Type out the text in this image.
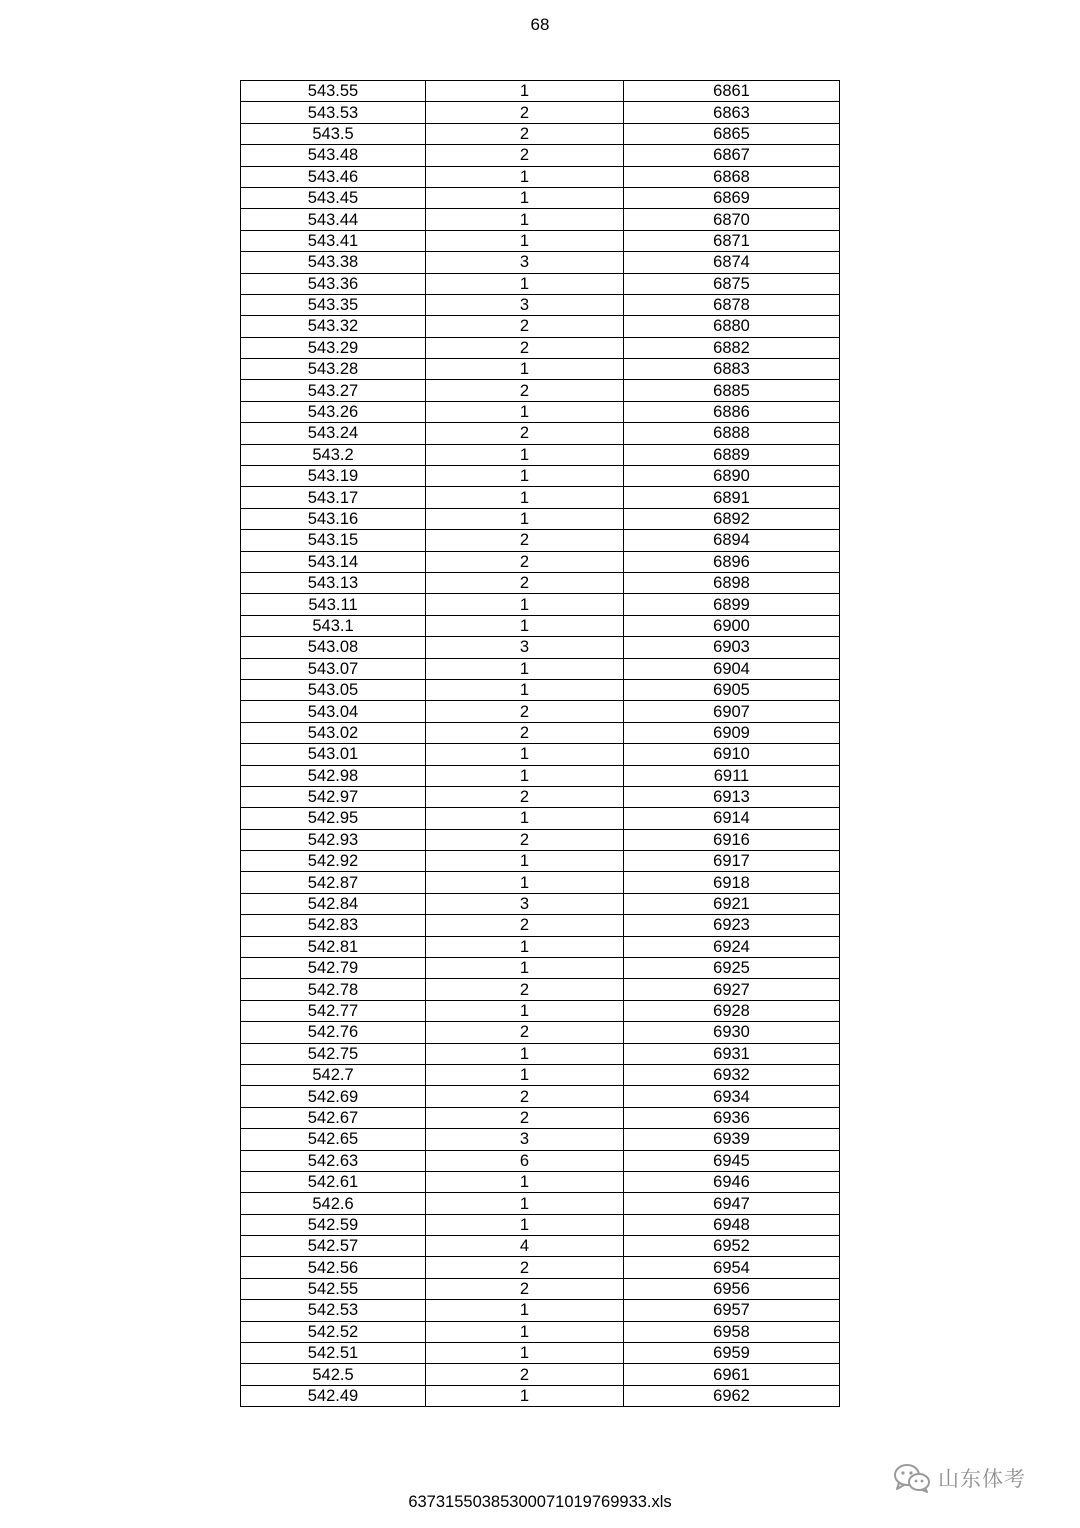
68
543.55	1	6861
543.53	2	6863
543.5	2	6865
543.48	2	6867
543.46	1	6868
543.45	1	6869
543.44	1	6870
543.41	1	6871
543.38	3	6874
543.36	1	6875
543.35	3	6878
543.32	2	6880
543.29	2	6882
543.28	1	6883
543.27	2	6885
543.26	1	6886
543.24	2	6888
543.2	1	6889
543.19	1	6890
543.17	1	6891
543.16	1	6892
543.15	2	6894
543.14	2	6896
543.13	2	6898
543.11	1	6899
543.1	1	6900
543.08	3	6903
543.07	1	6904
543.05	1	6905
543.04	2	6907
543.02	2	6909
543.01	1	6910
542.98	1	6911
542.97	2	6913
542.95	1	6914
542.93	2	6916
542.92	1	6917
542.87	1	6918
542.84	3	6921
542.83	2	6923
542.81	1	6924
542.79	1	6925
542.78	2	6927
542.77	1	6928
542.76	2	6930
542.75	1	6931
542.7	1	6932
542.69	2	6934
542.67	2	6936
542.65	3	6939
542.63	6	6945
542.61	1	6946
542.6	1	6947
542.59	1	6948
542.57	4	6952
542.56	2	6954
542.55	2	6956
542.53	1	6957
542.52	1	6958
542.51	1	6959
542.5	2	6961
542.49	1	6962
山东体考
63731550385300071019769933.xls
